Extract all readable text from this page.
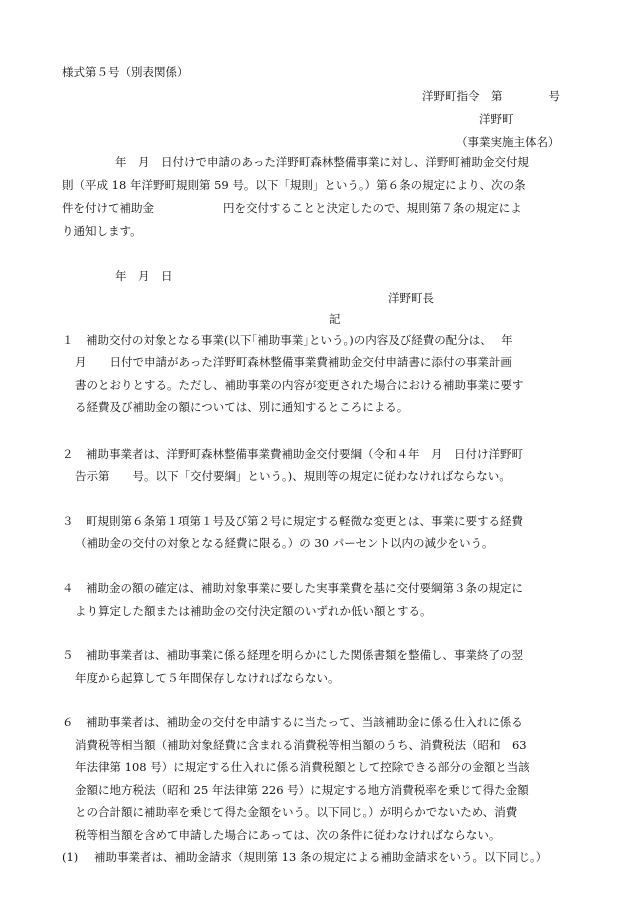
様式第５号（別表関係）
洋野町指令　第　　　　号
洋野町
（事業実施主体名）
年　月　日付けで申請のあった洋野町森林整備事業に対し、洋野町補助金交付規
則（平成 18 年洋野町規則第 59 号。以下「規則」という。）第６条の規定により、次の条
件を付けて補助金　　　　　　円を交付することと決定したので、規則第７条の規定によ
り通知します。
年　月　日
洋野町長
記
１ 補助交付の対象となる事業(以下｢補助事業｣という。)の内容及び経費の配分は、　 年
月　　日付で申請があった洋野町森林整備事業費補助金交付申請書に添付の事業計画
書のとおりとする。ただし、補助事業の内容が変更された場合における補助事業に要す
る経費及び補助金の額については、別に通知するところによる。
２ 補助事業者は、洋野町森林整備事業費補助金交付要綱（令和４年　月　日付け洋野町
告示第　　号。以下「交付要綱」という。)、規則等の規定に従わなければならない。
３ 町規則第６条第１項第１号及び第２号に規定する軽微な変更とは、事業に要する経費
（補助金の交付の対象となる経費に限る。）の 30 パーセント以内の減少をいう。
４ 補助金の額の確定は、補助対象事業に要した実事業費を基に交付要綱第３条の規定に
より算定した額または補助金の交付決定額のいずれか低い額とする。
５ 補助事業者は、補助事業に係る経理を明らかにした関係書類を整備し、事業終了の翌
年度から起算して５年間保存しなければならない。
６ 補助事業者は、補助金の交付を申請するに当たって、当該補助金に係る仕入れに係る
消費税等相当額（補助対象経費に含まれる消費税等相当額のうち、消費税法（昭和　63
年法律第 108 号）に規定する仕入れに係る消費税額として控除できる部分の金額と当該
金額に地方税法（昭和 25 年法律第 226 号）に規定する地方消費税率を乗じて得た金額
との合計額に補助率を乗じて得た金額をいう。以下同じ。）が明らかでないため、消費
税等相当額を含めて申請した場合にあっては、次の条件に従わなければならない。
(1) 補助事業者は、補助金請求（規則第 13 条の規定による補助金請求をいう。以下同じ。）
